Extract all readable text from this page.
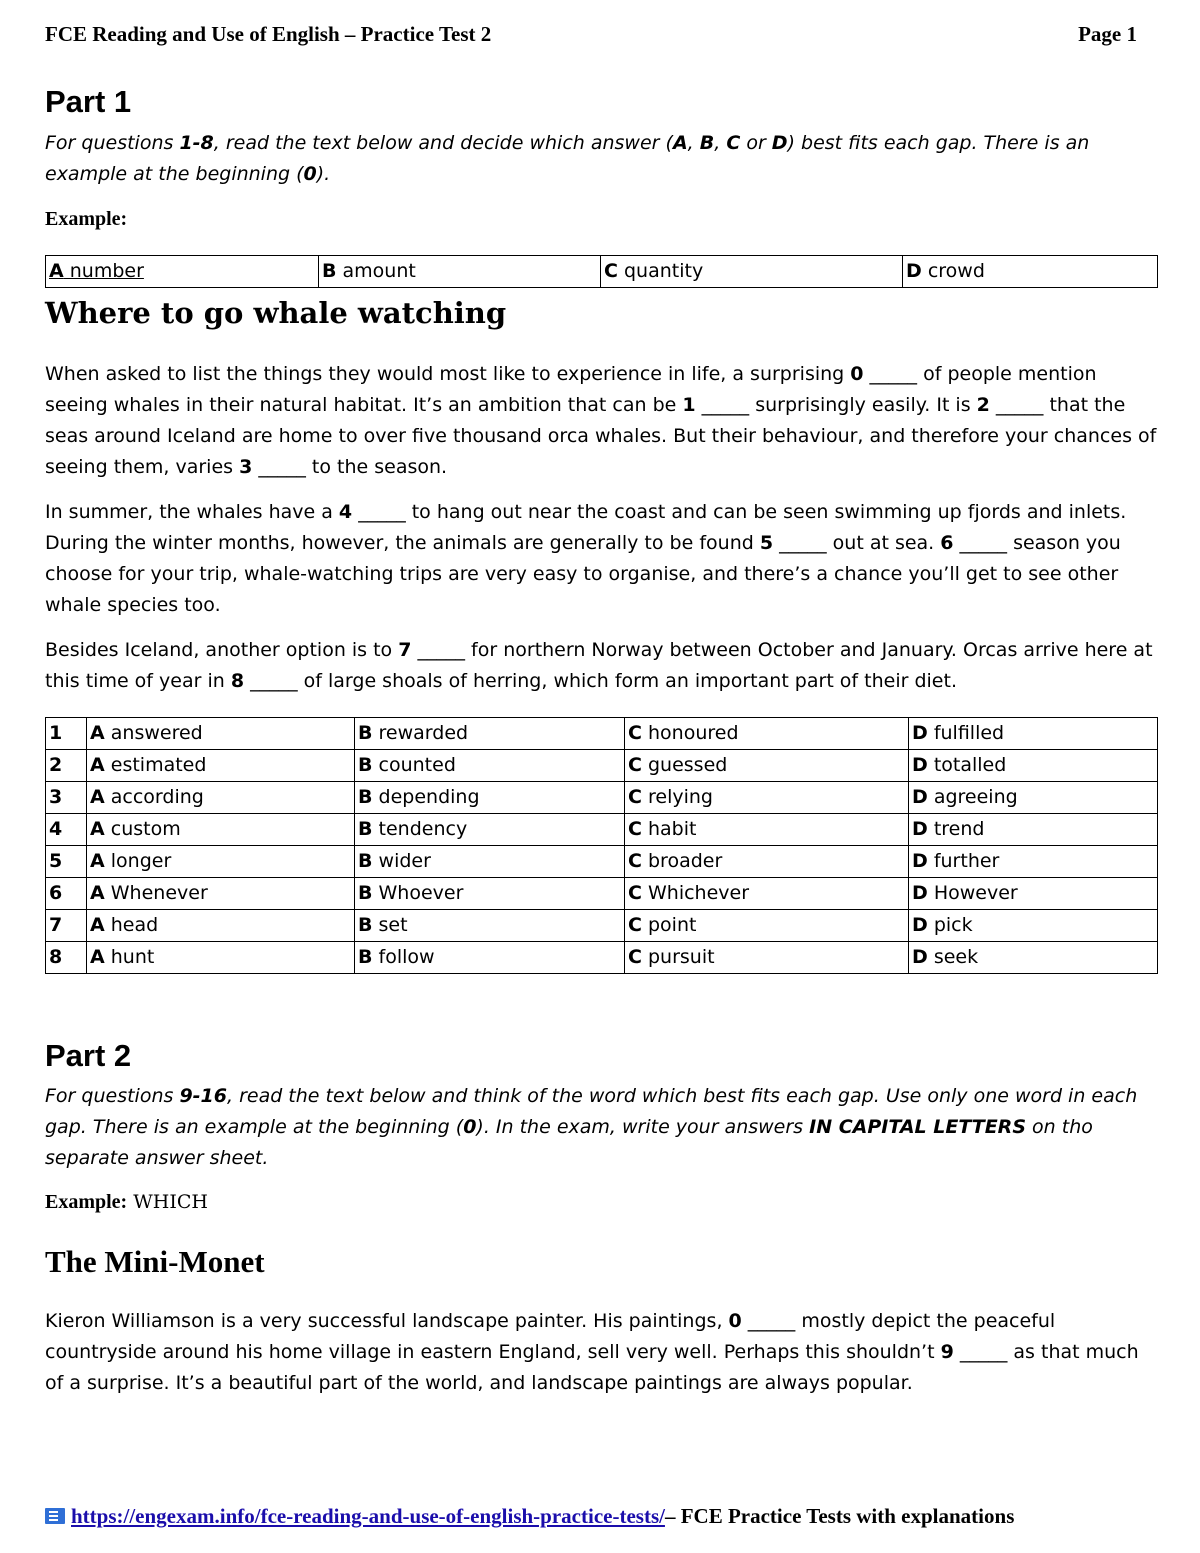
FCE Reading and Use of English – Practice Test 2	Page 1
Part 1

For questions 1-8, read the text below and decide which answer (A, B, C or D) best fits each gap. There is an example at the beginning (0).

Example:

A number	B amount	C quantity	D crowd
Where to go whale watching

When asked to list the things they would most like to experience in life, a surprising 0 _____ of people mention seeing whales in their natural habitat. It’s an ambition that can be 1 _____ surprisingly easily. It is 2 _____ that the seas around Iceland are home to over five thousand orca whales. But their behaviour, and therefore your chances of seeing them, varies 3 _____ to the season.

In summer, the whales have a 4 _____ to hang out near the coast and can be seen swimming up fjords and inlets. During the winter months, however, the animals are generally to be found 5 _____ out at sea. 6 _____ season you choose for your trip, whale-watching trips are very easy to organise, and there’s a chance you’ll get to see other whale species too.

Besides Iceland, another option is to 7 _____ for northern Norway between October and January. Orcas arrive here at this time of year in 8 _____ of large shoals of herring, which form an important part of their diet.

1	A answered	B rewarded	C honoured	D fulfilled
2	A estimated	B counted	C guessed	D totalled
3	A according	B depending	C relying	D agreeing
4	A custom	B tendency	C habit	D trend
5	A longer	B wider	C broader	D further
6	A Whenever	B Whoever	C Whichever	D However
7	A head	B set	C point	D pick
8	A hunt	B follow	C pursuit	D seek
Part 2

For questions 9-16, read the text below and think of the word which best fits each gap. Use only one word in each gap. There is an example at the beginning (0). In the exam, write your answers IN CAPITAL LETTERS on tho separate answer sheet.

Example: WHICH

The Mini-Monet

Kieron Williamson is a very successful landscape painter. His paintings, 0 _____ mostly depict the peaceful countryside around his home village in eastern England, sell very well. Perhaps this shouldn’t 9 _____ as that much of a surprise. It’s a beautiful part of the world, and landscape paintings are always popular.

https://engexam.info/fce-reading-and-use-of-english-practice-tests/– FCE Practice Tests with explanations
